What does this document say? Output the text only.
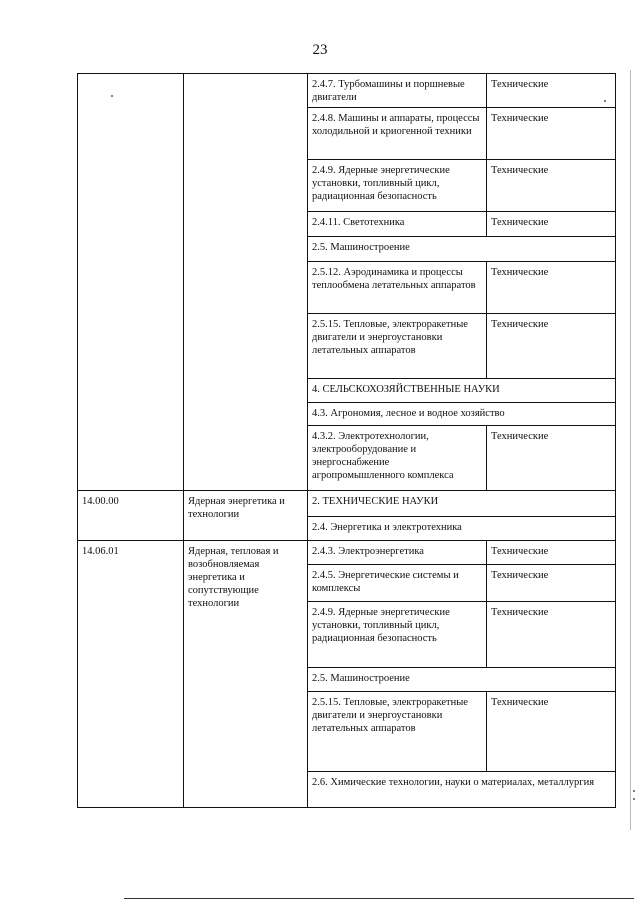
23
		2.4.7. Турбомашины и поршневые двигатели	Технические
		2.4.8. Машины и аппараты, процессы холодильной и криогенной техники	Технические
		2.4.9. Ядерные энергетические установки, топливный цикл, радиационная безопасность	Технические
		2.4.11. Светотехника	Технические
		2.5. Машиностроение	
		2.5.12. Аэродинамика и процессы теплообмена летательных аппаратов	Технические
		2.5.15. Тепловые, электроракетные двигатели и энергоустановки летательных аппаратов	Технические
		4. СЕЛЬСКОХОЗЯЙСТВЕННЫЕ НАУКИ	
		4.3. Агрономия, лесное и водное хозяйство	
		4.3.2. Электротехнологии, электрооборудование и энергоснабжение агропромышленного комплекса	Технические
14.00.00	Ядерная энергетика и технологии	2. ТЕХНИЧЕСКИЕ НАУКИ	
		2.4. Энергетика и электротехника	
14.06.01	Ядерная, тепловая и возобновляемая энергетика и сопутствующие технологии	2.4.3. Электроэнергетика	Технические
		2.4.5. Энергетические системы и комплексы	Технические
		2.4.9. Ядерные энергетические установки, топливный цикл, радиационная безопасность	Технические
		2.5. Машиностроение	
		2.5.15. Тепловые, электроракетные двигатели и энергоустановки летательных аппаратов	Технические
		2.6. Химические технологии, науки о материалах, металлургия	
